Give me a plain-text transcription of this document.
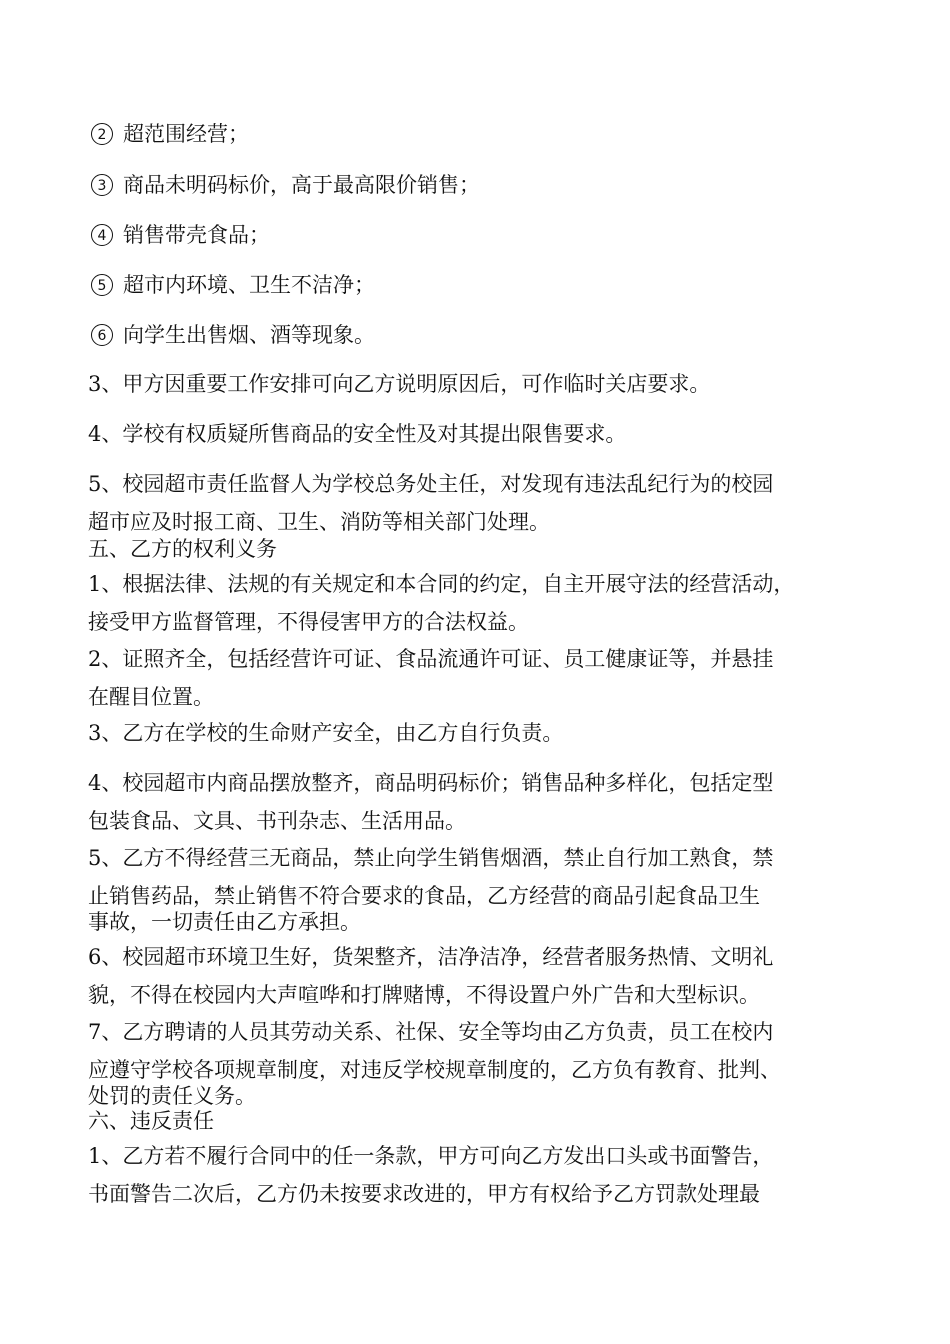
2 超范围经营；
3 商品未明码标价，高于最高限价销售；
4 销售带壳食品；
5 超市内环境、卫生不洁净；
6 向学生出售烟、酒等现象。
3、甲方因重要工作安排可向乙方说明原因后，可作临时关店要求。
4、学校有权质疑所售商品的安全性及对其提出限售要求。
5、校园超市责任监督人为学校总务处主任，对发现有违法乱纪行为的校园
超市应及时报工商、卫生、消防等相关部门处理。
五、乙方的权利义务
1、根据法律、法规的有关规定和本合同的约定，自主开展守法的经营活动，
接受甲方监督管理，不得侵害甲方的合法权益。
2、证照齐全，包括经营许可证、食品流通许可证、员工健康证等，并悬挂
在醒目位置。
3、乙方在学校的生命财产安全，由乙方自行负责。
4、校园超市内商品摆放整齐，商品明码标价；销售品种多样化，包括定型
包装食品、文具、书刊杂志、生活用品。
5、乙方不得经营三无商品，禁止向学生销售烟酒，禁止自行加工熟食，禁
止销售药品，禁止销售不符合要求的食品，乙方经营的商品引起食品卫生
事故，一切责任由乙方承担。
6、校园超市环境卫生好，货架整齐，洁净洁净，经营者服务热情、文明礼
貌，不得在校园内大声喧哗和打牌赌博，不得设置户外广告和大型标识。
7、乙方聘请的人员其劳动关系、社保、安全等均由乙方负责，员工在校内
应遵守学校各项规章制度，对违反学校规章制度的，乙方负有教育、批判、
处罚的责任义务。
六、违反责任
1、乙方若不履行合同中的任一条款，甲方可向乙方发出口头或书面警告，
书面警告二次后，乙方仍未按要求改进的，甲方有权给予乙方罚款处理最
